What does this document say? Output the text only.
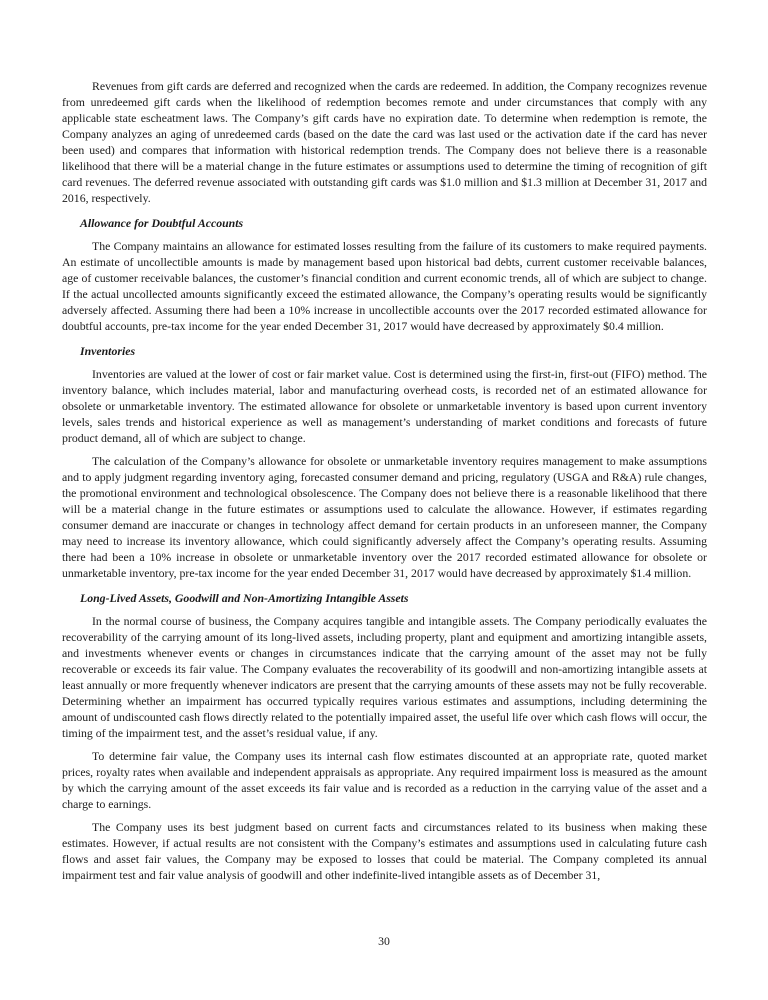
Revenues from gift cards are deferred and recognized when the cards are redeemed. In addition, the Company recognizes revenue from unredeemed gift cards when the likelihood of redemption becomes remote and under circumstances that comply with any applicable state escheatment laws. The Company’s gift cards have no expiration date. To determine when redemption is remote, the Company analyzes an aging of unredeemed cards (based on the date the card was last used or the activation date if the card has never been used) and compares that information with historical redemption trends. The Company does not believe there is a reasonable likelihood that there will be a material change in the future estimates or assumptions used to determine the timing of recognition of gift card revenues. The deferred revenue associated with outstanding gift cards was $1.0 million and $1.3 million at December 31, 2017 and 2016, respectively.

Allowance for Doubtful Accounts

The Company maintains an allowance for estimated losses resulting from the failure of its customers to make required payments. An estimate of uncollectible amounts is made by management based upon historical bad debts, current customer receivable balances, age of customer receivable balances, the customer’s financial condition and current economic trends, all of which are subject to change. If the actual uncollected amounts significantly exceed the estimated allowance, the Company’s operating results would be significantly adversely affected. Assuming there had been a 10% increase in uncollectible accounts over the 2017 recorded estimated allowance for doubtful accounts, pre-tax income for the year ended December 31, 2017 would have decreased by approximately $0.4 million.

Inventories

Inventories are valued at the lower of cost or fair market value. Cost is determined using the first-in, first-out (FIFO) method. The inventory balance, which includes material, labor and manufacturing overhead costs, is recorded net of an estimated allowance for obsolete or unmarketable inventory. The estimated allowance for obsolete or unmarketable inventory is based upon current inventory levels, sales trends and historical experience as well as management’s understanding of market conditions and forecasts of future product demand, all of which are subject to change.

The calculation of the Company’s allowance for obsolete or unmarketable inventory requires management to make assumptions and to apply judgment regarding inventory aging, forecasted consumer demand and pricing, regulatory (USGA and R&A) rule changes, the promotional environment and technological obsolescence. The Company does not believe there is a reasonable likelihood that there will be a material change in the future estimates or assumptions used to calculate the allowance. However, if estimates regarding consumer demand are inaccurate or changes in technology affect demand for certain products in an unforeseen manner, the Company may need to increase its inventory allowance, which could significantly adversely affect the Company’s operating results. Assuming there had been a 10% increase in obsolete or unmarketable inventory over the 2017 recorded estimated allowance for obsolete or unmarketable inventory, pre-tax income for the year ended December 31, 2017 would have decreased by approximately $1.4 million.

Long-Lived Assets, Goodwill and Non-Amortizing Intangible Assets

In the normal course of business, the Company acquires tangible and intangible assets. The Company periodically evaluates the recoverability of the carrying amount of its long-lived assets, including property, plant and equipment and amortizing intangible assets, and investments whenever events or changes in circumstances indicate that the carrying amount of the asset may not be fully recoverable or exceeds its fair value. The Company evaluates the recoverability of its goodwill and non-amortizing intangible assets at least annually or more frequently whenever indicators are present that the carrying amounts of these assets may not be fully recoverable. Determining whether an impairment has occurred typically requires various estimates and assumptions, including determining the amount of undiscounted cash flows directly related to the potentially impaired asset, the useful life over which cash flows will occur, the timing of the impairment test, and the asset’s residual value, if any.

To determine fair value, the Company uses its internal cash flow estimates discounted at an appropriate rate, quoted market prices, royalty rates when available and independent appraisals as appropriate. Any required impairment loss is measured as the amount by which the carrying amount of the asset exceeds its fair value and is recorded as a reduction in the carrying value of the asset and a charge to earnings.

The Company uses its best judgment based on current facts and circumstances related to its business when making these estimates. However, if actual results are not consistent with the Company’s estimates and assumptions used in calculating future cash flows and asset fair values, the Company may be exposed to losses that could be material. The Company completed its annual impairment test and fair value analysis of goodwill and other indefinite-lived intangible assets as of December 31,

30
